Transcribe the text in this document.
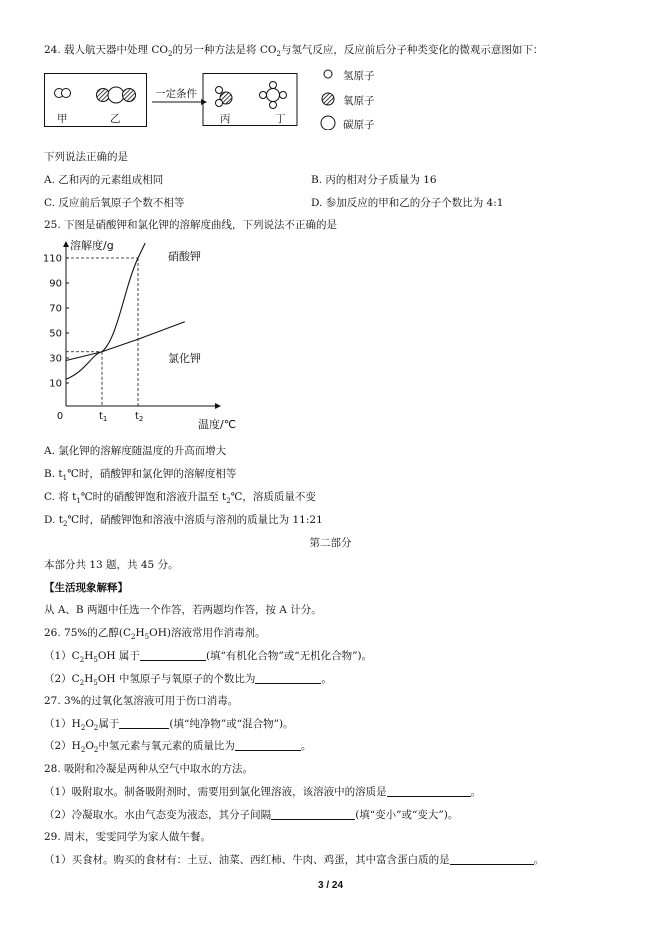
24. 载人航天器中处理 $CO_2$的另一种方法是将 $CO_2$与氢气反应，反应前后分子种类变化的微观示意图如下：
甲	乙
一定条件
丙	丁
氢原子
氧原子
碳原子
下列说法正确的是
A. 乙和丙的元素组成相同	B. 丙的相对分子质量为 16
C. 反应前后氧原子个数不相等	D. 参加反应的甲和乙的分子个数比为 4:1
25. 下图是硝酸钾和氯化钾的溶解度曲线，下列说法不正确的是
溶解度/g
温度/℃
0
10
30
50
70
90
110
$t_1$	$t_2$
硝酸钾
氯化钾
A. 氯化钾的溶解度随温度的升高而增大
B. $t_1℃$时，硝酸钾和氯化钾的溶解度相等
C. 将 $t_1℃$时的硝酸钾饱和溶液升温至 $t_2℃$，溶质质量不变
D. $t_2℃$时，硝酸钾饱和溶液中溶质与溶剂的质量比为 11:21
第二部分
本部分共 13 题，共 45 分。
【生活现象解释】
从 A、B 两题中任选一个作答，若两题均作答，按 A 计分。
26. 75%的乙醇$(C_2H_5OH)$溶液常用作消毒剂。
$(1)C_2H_5OH$ 属于	(填“有机化合物”或“无机化合物”)。
$(2)C_2H_5OH$ 中氢原子与氧原子的个数比为	。
27. 3%的过氧化氢溶液可用于伤口消毒。
$(1)H_2O_2$属于	(填“纯净物”或“混合物”)。
$(2)H_2O_2$中氢元素与氧元素的质量比为	。
28. 吸附和冷凝是两种从空气中取水的方法。
（1）吸附取水。制备吸附剂时，需要用到氯化锂溶液，该溶液中的溶质是	。
（2）冷凝取水。水由气态变为液态，其分子间隔	(填“变小”或“变大”)。
29. 周末，雯雯同学为家人做午餐。
（1）买食材。购买的食材有：土豆、油菜、西红柿、牛肉、鸡蛋，其中富含蛋白质的是	。
3 / 24
